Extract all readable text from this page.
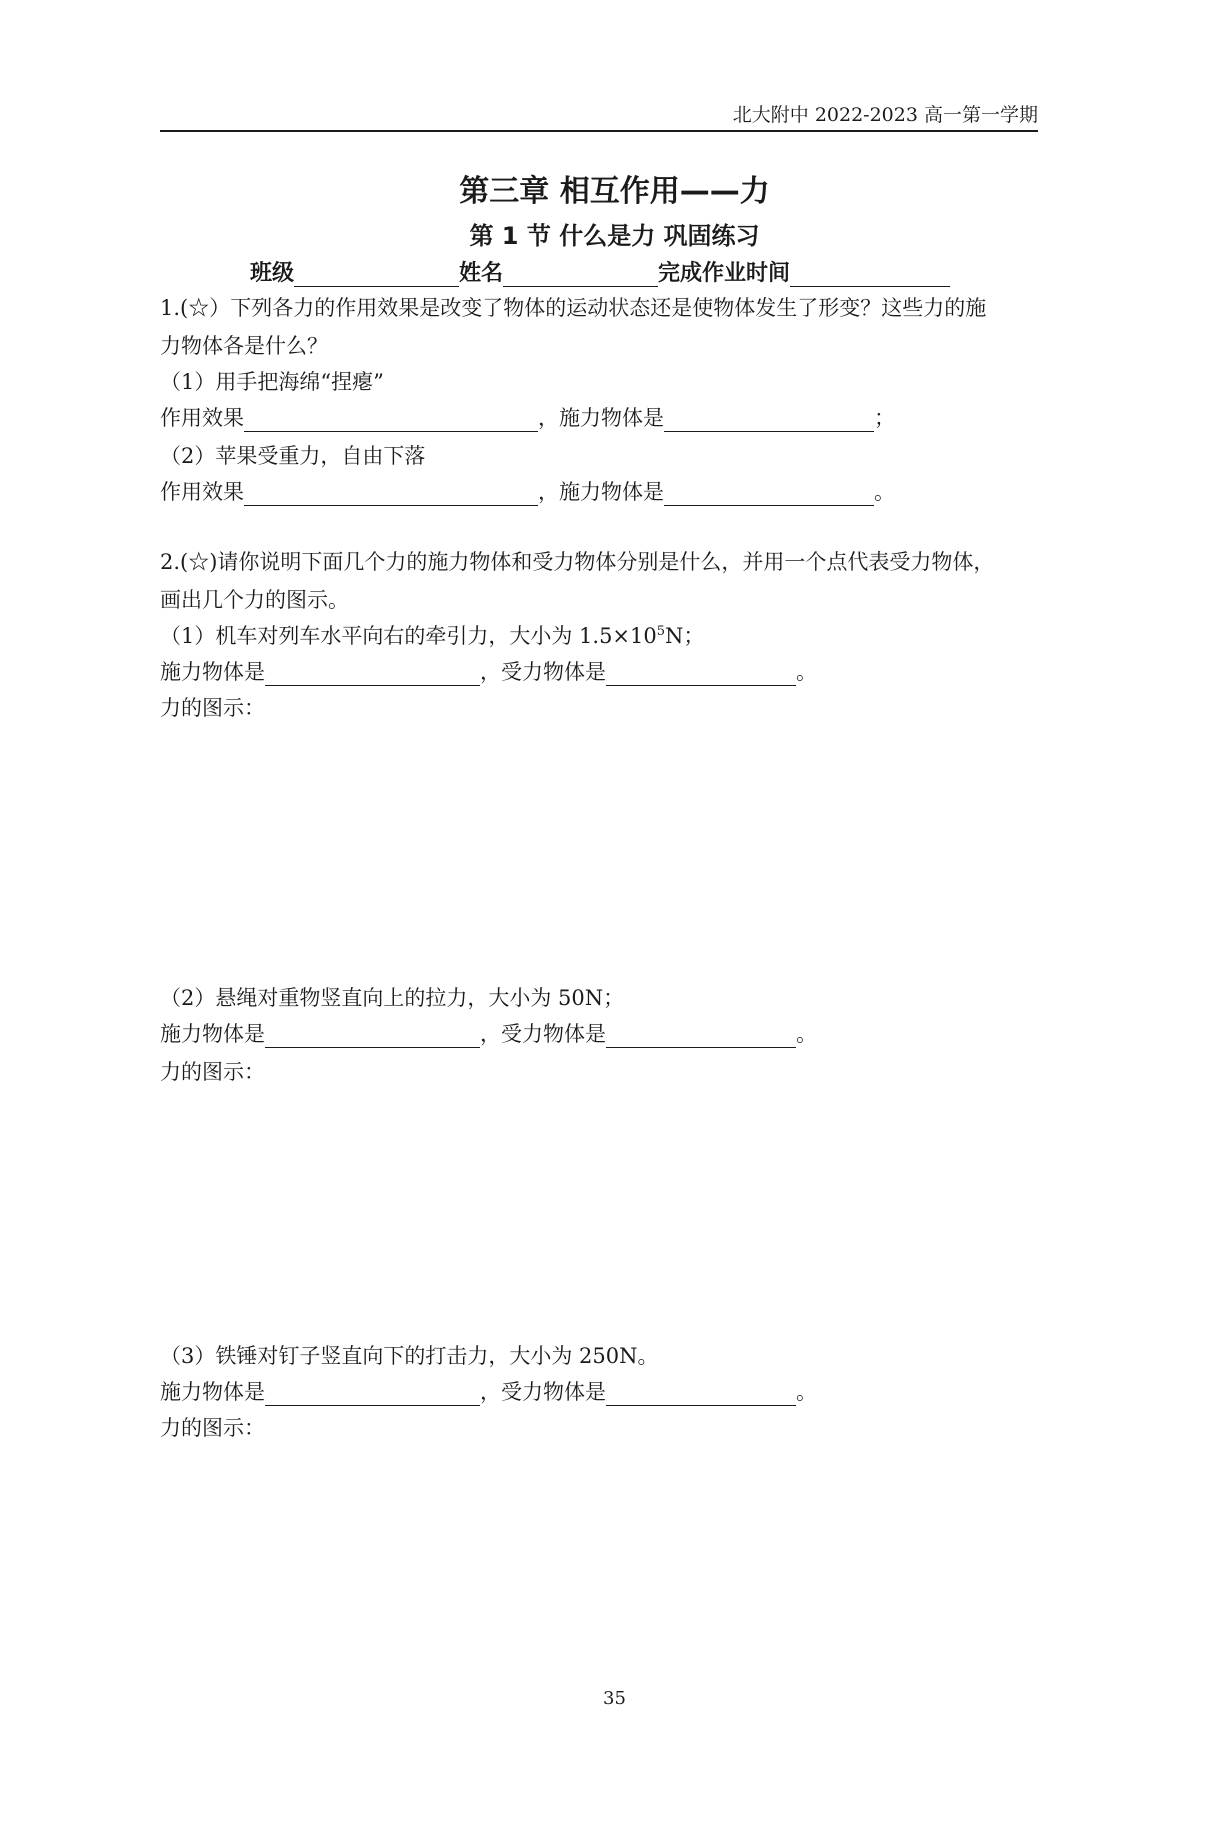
北大附中 2022-2023 高一第一学期
第三章 相互作用——力
第 1 节 什么是力 巩固练习
班级	姓名	完成作业时间
1.(☆）下列各力的作用效果是改变了物体的运动状态还是使物体发生了形变？这些力的施
力物体各是什么？
（1）用手把海绵“捏瘪”
作用效果	，施力物体是	；
（2）苹果受重力，自由下落
作用效果	，施力物体是	。
2.(☆)请你说明下面几个力的施力物体和受力物体分别是什么，并用一个点代表受力物体，
画出几个力的图示。
（1）机车对列车水平向右的牵引力，大小为 $1.5\times 10^5N$；
施力物体是	，受力物体是	。
力的图示：
（2）悬绳对重物竖直向上的拉力，大小为 50N；
施力物体是	，受力物体是	。
力的图示：
（3）铁锤对钉子竖直向下的打击力，大小为 250N。
施力物体是	，受力物体是	。
力的图示：
35
